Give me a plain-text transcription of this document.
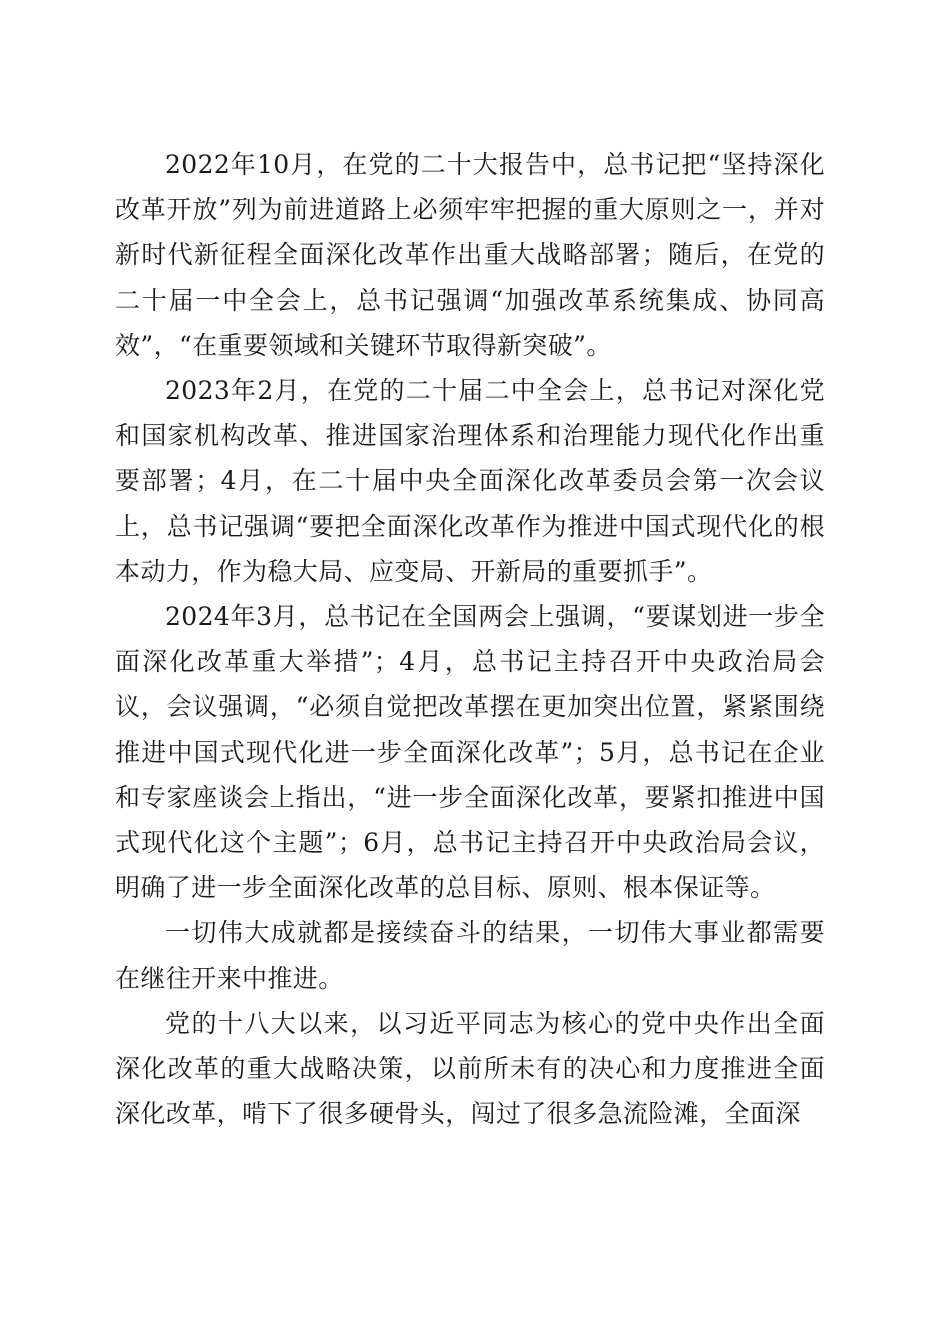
2022年10月，在党的二十大报告中，总书记把“坚持深化改革开放”列为前进道路上必须牢牢把握的重大原则之一，并对新时代新征程全面深化改革作出重大战略部署；随后，在党的二十届一中全会上，总书记强调“加强改革系统集成、协同高效”，“在重要领域和关键环节取得新突破”。

2023年2月，在党的二十届二中全会上，总书记对深化党和国家机构改革、推进国家治理体系和治理能力现代化作出重要部署；4月，在二十届中央全面深化改革委员会第一次会议上，总书记强调“要把全面深化改革作为推进中国式现代化的根本动力，作为稳大局、应变局、开新局的重要抓手”。

2024年3月，总书记在全国两会上强调，“要谋划进一步全面深化改革重大举措”；4月，总书记主持召开中央政治局会议，会议强调，“必须自觉把改革摆在更加突出位置，紧紧围绕推进中国式现代化进一步全面深化改革”；5月，总书记在企业和专家座谈会上指出，“进一步全面深化改革，要紧扣推进中国式现代化这个主题”；6月，总书记主持召开中央政治局会议，明确了进一步全面深化改革的总目标、原则、根本保证等。

一切伟大成就都是接续奋斗的结果，一切伟大事业都需要在继往开来中推进。

党的十八大以来，以习近平同志为核心的党中央作出全面深化改革的重大战略决策，以前所未有的决心和力度推进全面深化改革，啃下了很多硬骨头，闯过了很多急流险滩，全面深
